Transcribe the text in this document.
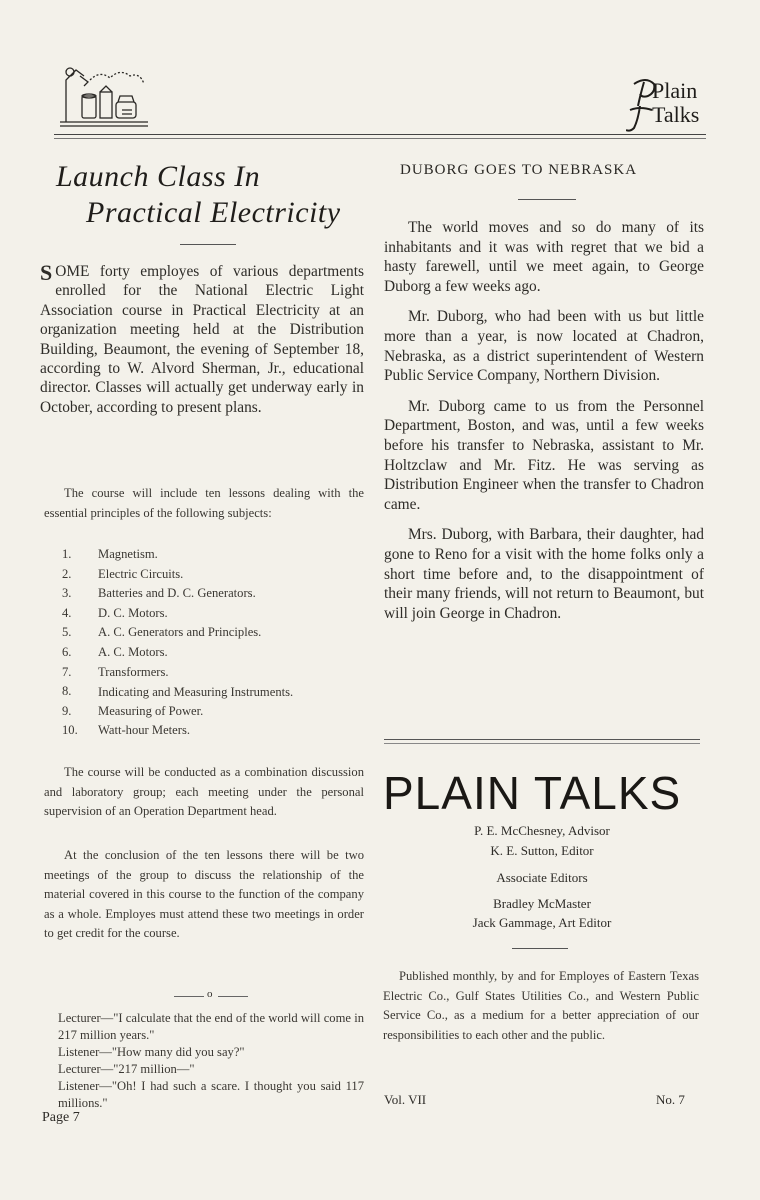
Plain
Talks
Launch Class In
Practical Electricity

S OME forty employes of various departments enrolled for the National Electric Light Association course in Practical Electricity at an organization meeting held at the Distribution Building, Beaumont, the evening of September 18, according to W. Alvord Sherman, Jr., educational director. Classes will actually get underway early in October, according to present plans.

The course will include ten lessons dealing with the essential principles of the following subjects:

1.	Magnetism.
2.	Electric Circuits.
3.	Batteries and D. C. Generators.
4.	D. C. Motors.
5.	A. C. Generators and Principles.
6.	A. C. Motors.
7.	Transformers.
8.	Indicating and Measuring Instruments.
9.	Measuring of Power.
10.	Watt-hour Meters.

The course will be conducted as a combination discussion and laboratory group; each meeting under the personal supervision of an Operation Department head.

At the conclusion of the ten lessons there will be two meetings of the group to discuss the relationship of the material covered in this course to the function of the company as a whole. Employes must attend these two meetings in order to get credit for the course.

o

Lecturer—"I calculate that the end of the world will come in 217 million years."

Listener—"How many did you say?"

Lecturer—"217 million—"

Listener—"Oh! I had such a scare. I thought you said 117 millions."

Page 7
DUBORG GOES TO NEBRASKA

The world moves and so do many of its inhabitants and it was with regret that we bid a hasty farewell, until we meet again, to George Duborg a few weeks ago.

Mr. Duborg, who had been with us but little more than a year, is now located at Chadron, Nebraska, as a district superintendent of Western Public Service Company, Northern Division.

Mr. Duborg came to us from the Personnel Department, Boston, and was, until a few weeks before his transfer to Nebraska, assistant to Mr. Holtzclaw and Mr. Fitz. He was serving as Distribution Engineer when the transfer to Chadron came.

Mrs. Duborg, with Barbara, their daughter, had gone to Reno for a visit with the home folks only a short time before and, to the disappointment of their many friends, will not return to Beaumont, but will join George in Chadron.

PLAIN TALKS
P. E. McChesney, Advisor
K. E. Sutton, Editor
Associate Editors
Bradley McMaster
Jack Gammage, Art Editor

Published monthly, by and for Employes of Eastern Texas Electric Co., Gulf States Utilities Co., and Western Public Service Co., as a medium for a better appreciation of our responsibilities to each other and the public.

Vol. VII	No. 7
